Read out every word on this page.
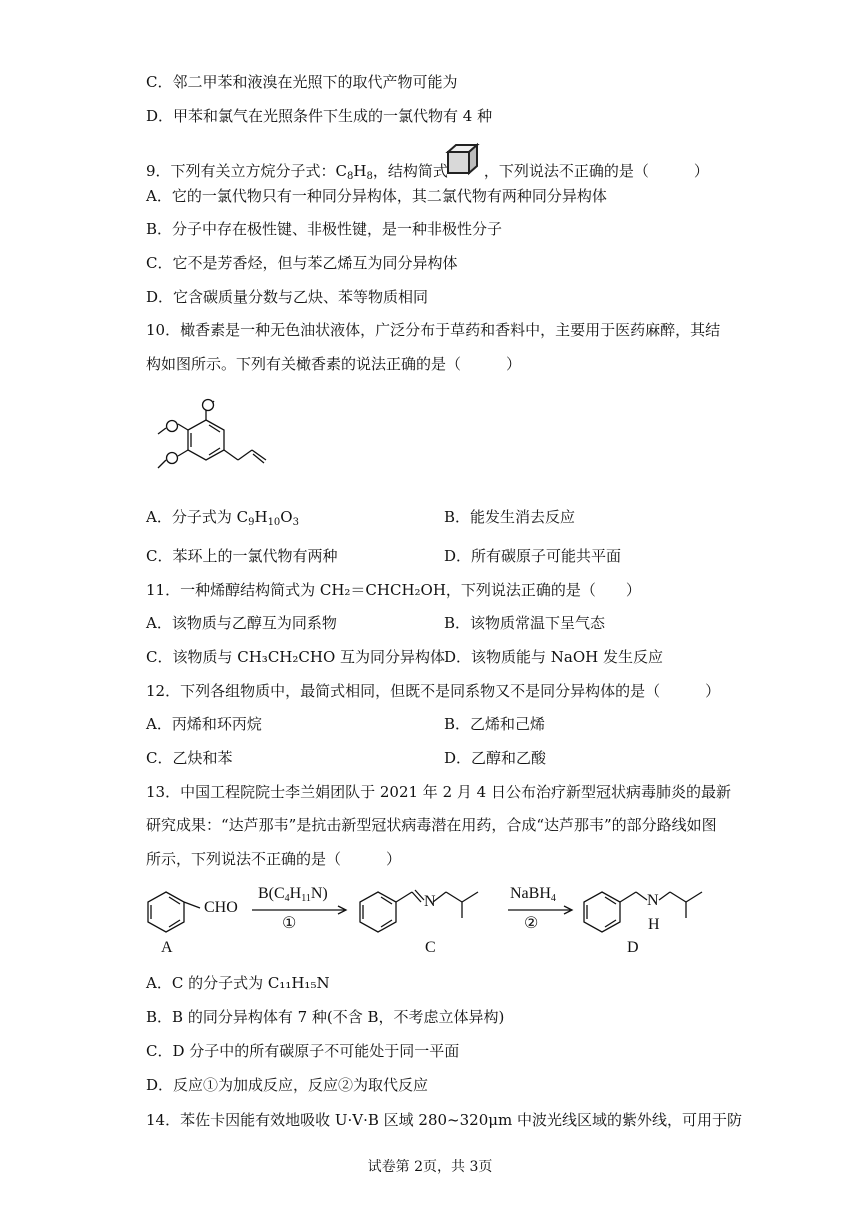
C．邻二甲苯和液溴在光照下的取代产物可能为
D．甲苯和氯气在光照条件下生成的一氯代物有 4 种
9．下列有关立方烷分子式：$C_8H_8$，结构简式 ，下列说法不正确的是（　　　）
A．它的一氯代物只有一种同分异构体，其二氯代物有两种同分异构体
B．分子中存在极性键、非极性键，是一种非极性分子
C．它不是芳香烃，但与苯乙烯互为同分异构体
D．它含碳质量分数与乙炔、苯等物质相同
10．橄香素是一种无色油状液体，广泛分布于草药和香料中，主要用于医药麻醉，其结
构如图所示。下列有关橄香素的说法正确的是（　　　）
A．分子式为 $C_9H_{10}O_3$	B．能发生消去反应
C．苯环上的一氯代物有两种	D．所有碳原子可能共平面
11．一种烯醇结构简式为 CH₂＝CHCH₂OH，下列说法正确的是（　　）
A．该物质与乙醇互为同系物	B．该物质常温下呈气态
C．该物质与 CH₃CH₂CHO 互为同分异构体
D．该物质能与 NaOH 发生反应
12．下列各组物质中，最简式相同，但既不是同系物又不是同分异构体的是（　　　）
A．丙烯和环丙烷	B．乙烯和己烯
C．乙炔和苯	D．乙醇和乙酸
13．中国工程院院士李兰娟团队于 2021 年 2 月 4 日公布治疗新型冠状病毒肺炎的最新
研究成果：“达芦那韦”是抗击新型冠状病毒潜在用药，合成“达芦那韦”的部分路线如图
所示，下列说法不正确的是（　　　）
CHO
$B(C_4H_{11}N)$
①
N	NaBH$_4$
②
N
H
A	C	D
A．C 的分子式为 C₁₁H₁₅N
B．B 的同分异构体有 7 种(不含 B，不考虑立体异构)
C．D 分子中的所有碳原子不可能处于同一平面
D．反应①为加成反应，反应②为取代反应
14．苯佐卡因能有效地吸收 U·V·B 区域 280~320μm 中波光线区域的紫外线，可用于防
试卷第 2页，共 3页
